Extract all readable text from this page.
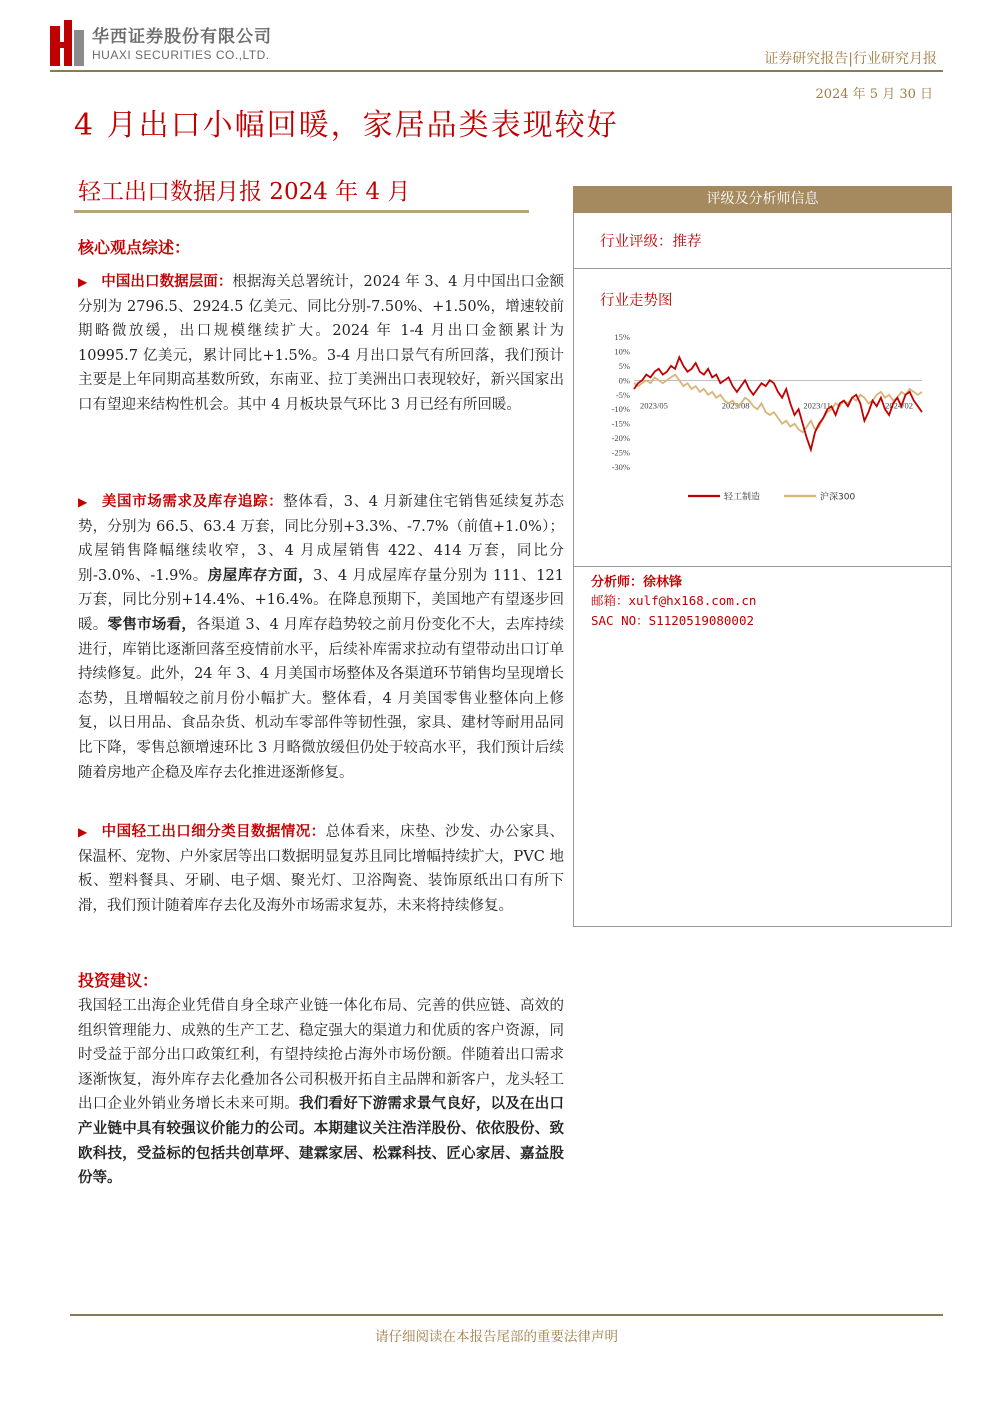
华西证券股份有限公司
HUAXI SECURITIES CO.,LTD.	证券研究报告|行业研究月报
2024 年 5 月 30 日
4 月出口小幅回暖，家居品类表现较好
轻工出口数据月报 2024 年 4 月
核心观点综述：
▶ 中国出口数据层面：根据海关总署统计，2024 年 3、4 月中国出口金额分别为 2796.5、2924.5 亿美元、同比分别-7.50%、+1.50%，增速较前期略微放缓，出口规模继续扩大。2024 年 1-4 月出口金额累计为 10995.7 亿美元，累计同比+1.5%。3-4 月出口景气有所回落，我们预计主要是上年同期高基数所致，东南亚、拉丁美洲出口表现较好，新兴国家出口有望迎来结构性机会。其中 4 月板块景气环比 3 月已经有所回暖。
▶ 美国市场需求及库存追踪：整体看，3、4 月新建住宅销售延续复苏态势，分别为 66.5、63.4 万套，同比分别+3.3%、-7.7%（前值+1.0%）；成屋销售降幅继续收窄，3、4 月成屋销售 422、414 万套，同比分别-3.0%、-1.9%。房屋库存方面，3、4 月成屋库存量分别为 111、121 万套，同比分别+14.4%、+16.4%。在降息预期下，美国地产有望逐步回暖。零售市场看，各渠道 3、4 月库存趋势较之前月份变化不大，去库持续进行，库销比逐渐回落至疫情前水平，后续补库需求拉动有望带动出口订单持续修复。此外，24 年 3、4 月美国市场整体及各渠道环节销售均呈现增长态势，且增幅较之前月份小幅扩大。整体看，4 月美国零售业整体向上修复，以日用品、食品杂货、机动车零部件等韧性强，家具、建材等耐用品同比下降，零售总额增速环比 3 月略微放缓但仍处于较高水平，我们预计后续随着房地产企稳及库存去化推进逐渐修复。
▶ 中国轻工出口细分类目数据情况：总体看来，床垫、沙发、办公家具、保温杯、宠物、户外家居等出口数据明显复苏且同比增幅持续扩大，PVC 地板、塑料餐具、牙刷、电子烟、聚光灯、卫浴陶瓷、装饰原纸出口有所下滑，我们预计随着库存去化及海外市场需求复苏，未来将持续修复。
投资建议：
我国轻工出海企业凭借自身全球产业链一体化布局、完善的供应链、高效的组织管理能力、成熟的生产工艺、稳定强大的渠道力和优质的客户资源，同时受益于部分出口政策红利，有望持续抢占海外市场份额。伴随着出口需求逐渐恢复，海外库存去化叠加各公司积极开拓自主品牌和新客户，龙头轻工出口企业外销业务增长未来可期。我们看好下游需求景气良好，以及在出口产业链中具有较强议价能力的公司。本期建议关注浩洋股份、依依股份、致欧科技，受益标的包括共创草坪、建霖家居、松霖科技、匠心家居、嘉益股份等。
评级及分析师信息
行业评级：推荐
行业走势图
15%
10%
5%
0%
-5%
-10%
-15%
-20%
-25%
-30%
2023/05	2023/08	2023/11	2024/02
轻工制造	沪深300
分析师：徐林锋
邮箱：xulf@hx168.com.cn
SAC NO：S1120519080002
请仔细阅读在本报告尾部的重要法律声明
